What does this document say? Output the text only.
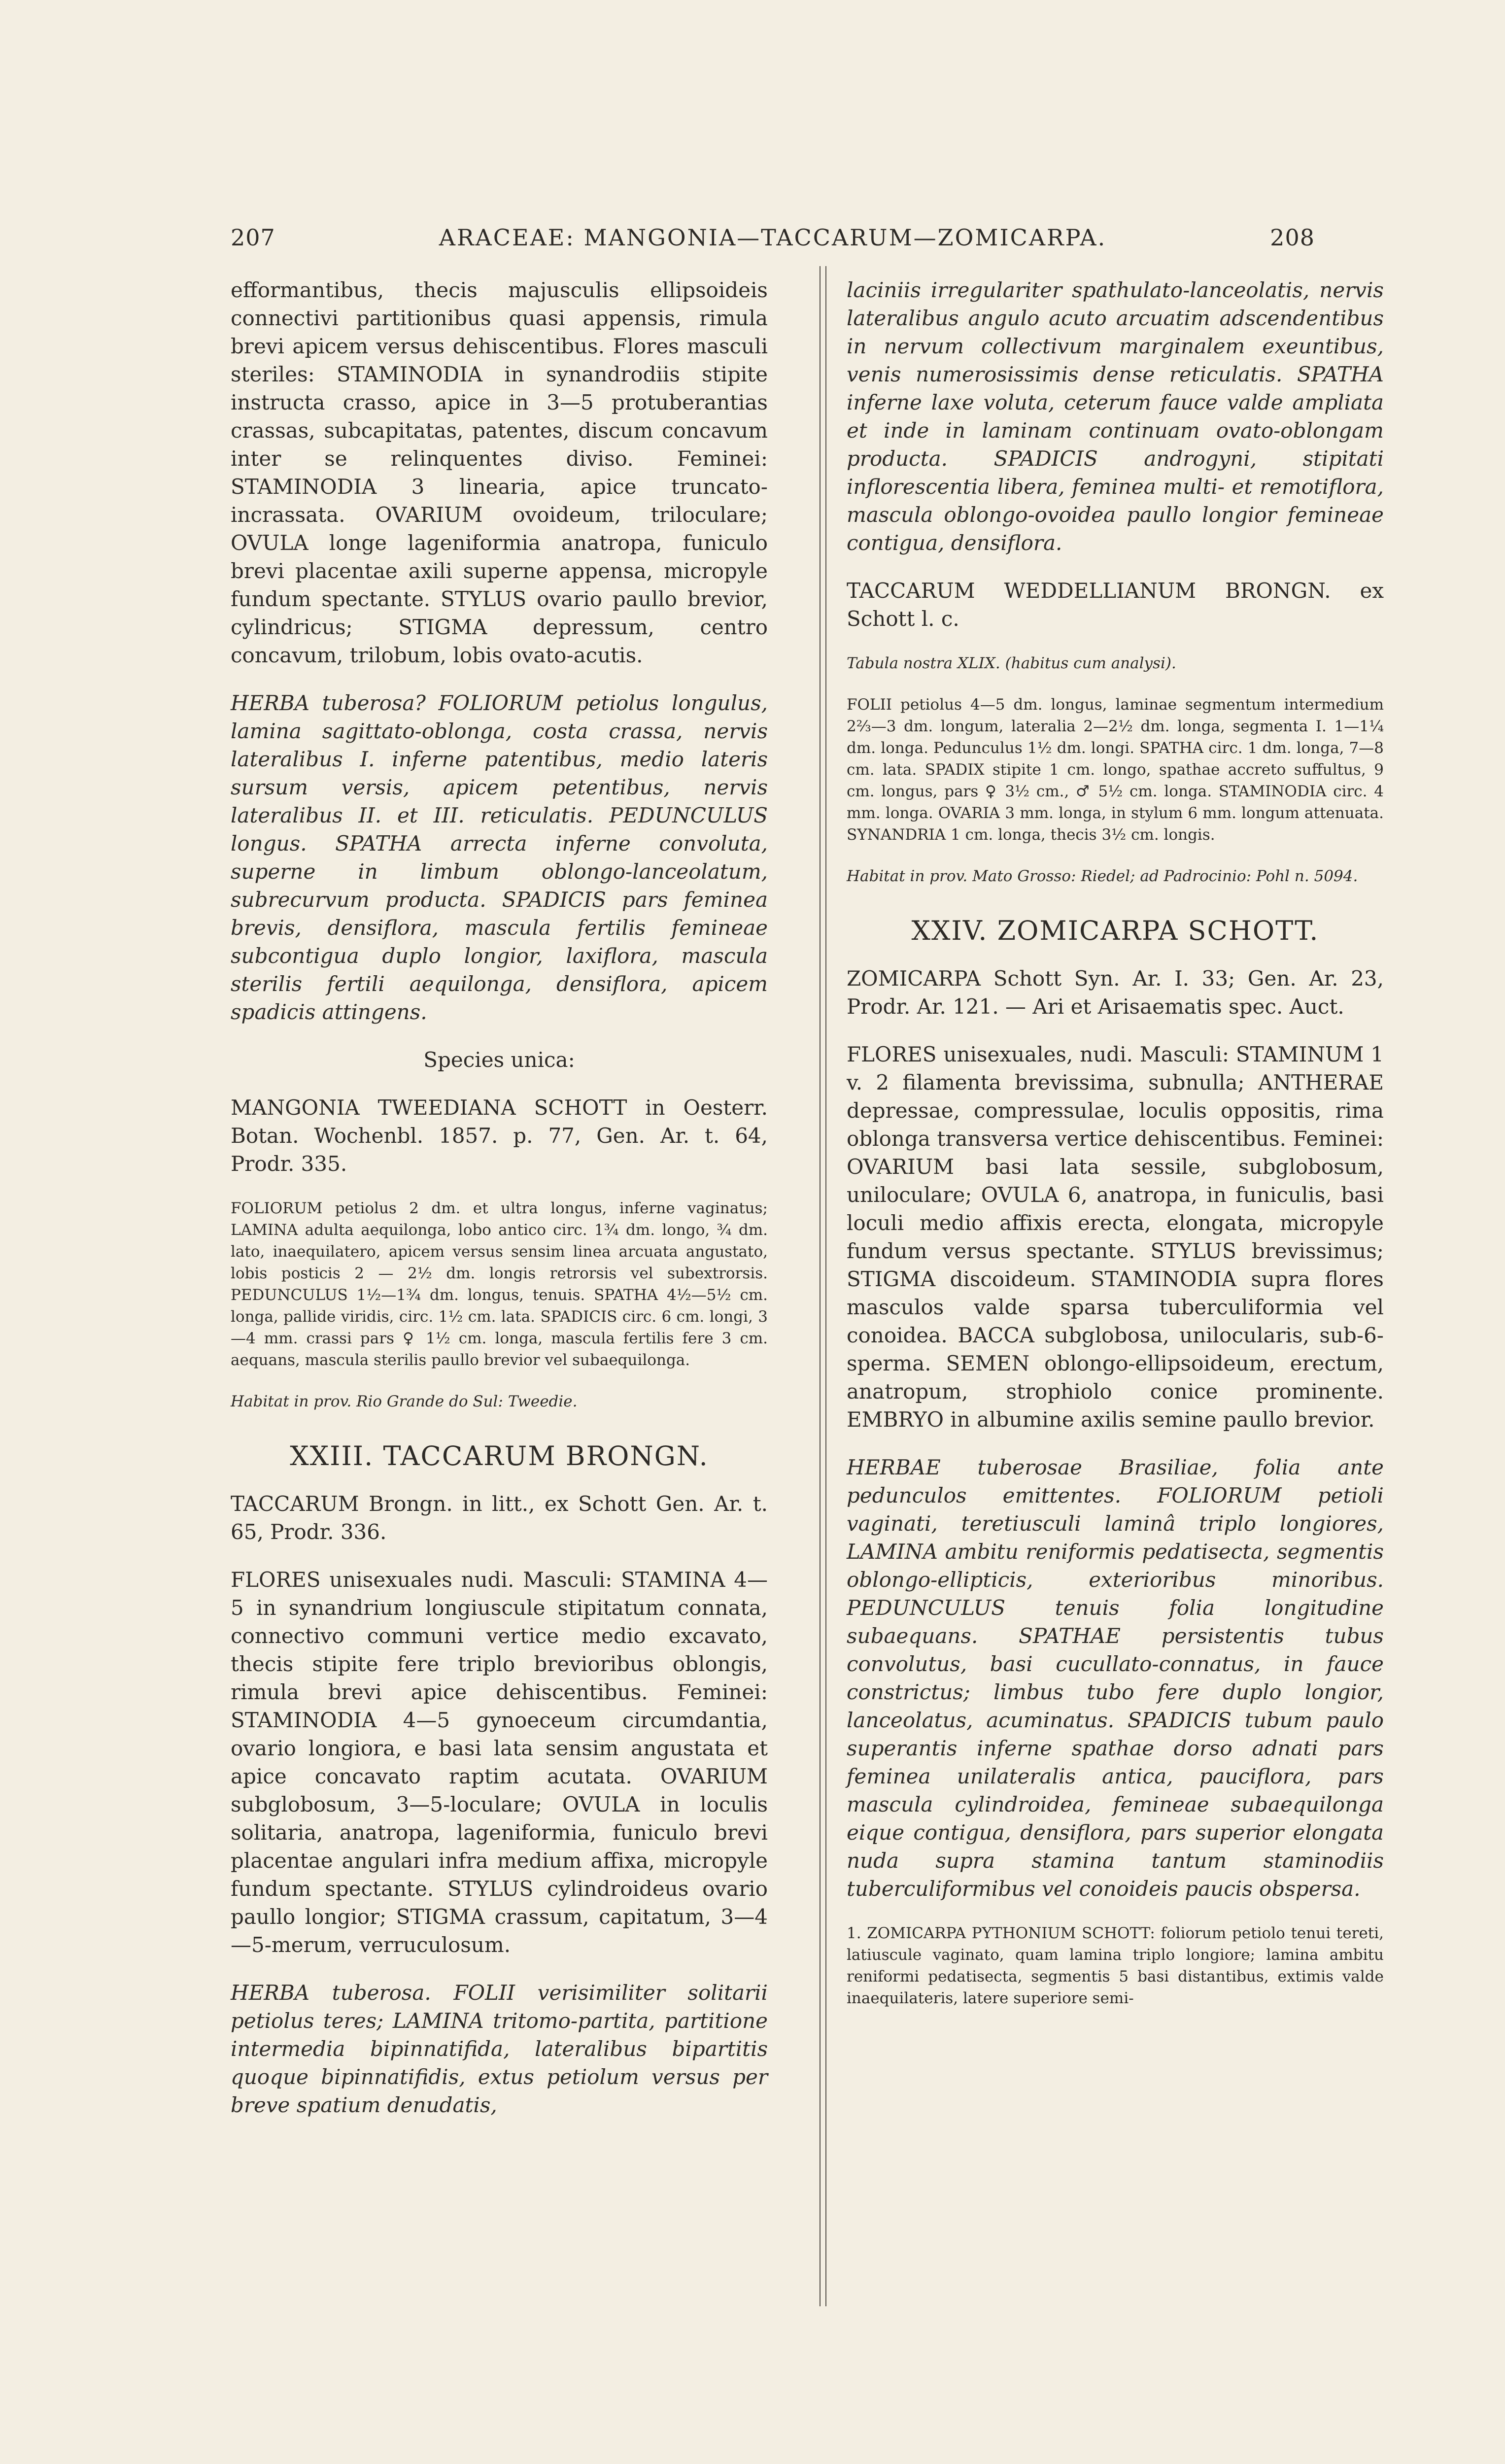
207	ARACEAE: MANGONIA—TACCARUM—ZOMICARPA.	208

efformantibus, thecis majusculis ellipsoideis connectivi partitionibus quasi appensis, rimula brevi apicem versus dehiscentibus. Flores masculi steriles: STAMINODIA in synandrodiis stipite instructa crasso, apice in 3—5 protuberantias crassas, subcapitatas, patentes, discum concavum inter se relinquentes diviso. Feminei: STAMINODIA 3 linearia, apice truncato-incrassata. OVARIUM ovoideum, triloculare; OVULA longe lageniformia anatropa, funiculo brevi placentae axili superne appensa, micropyle fundum spectante. STYLUS ovario paullo brevior, cylindricus; STIGMA depressum, centro concavum, trilobum, lobis ovato-acutis.

HERBA tuberosa? FOLIORUM petiolus longulus, lamina sagittato-oblonga, costa crassa, nervis lateralibus I. inferne patentibus, medio lateris sursum versis, apicem petentibus, nervis lateralibus II. et III. reticulatis. PEDUNCULUS longus. SPATHA arrecta inferne convoluta, superne in limbum oblongo-lanceolatum, subrecurvum producta. SPADICIS pars feminea brevis, densiflora, mascula fertilis femineae subcontigua duplo longior, laxiflora, mascula sterilis fertili aequilonga, densiflora, apicem spadicis attingens.

Species unica:

MANGONIA TWEEDIANA SCHOTT in Oesterr. Botan. Wochenbl. 1857. p. 77, Gen. Ar. t. 64, Prodr. 335.

FOLIORUM petiolus 2 dm. et ultra longus, inferne vaginatus; LAMINA adulta aequilonga, lobo antico circ. 1¾ dm. longo, ¾ dm. lato, inaequilatero, apicem versus sensim linea arcuata angustato, lobis posticis 2 — 2½ dm. longis retrorsis vel subextrorsis. PEDUNCULUS 1½—1¾ dm. longus, tenuis. SPATHA 4½—5½ cm. longa, pallide viridis, circ. 1½ cm. lata. SPADICIS circ. 6 cm. longi, 3—4 mm. crassi pars ♀ 1½ cm. longa, mascula fertilis fere 3 cm. aequans, mascula sterilis paullo brevior vel subaequilonga.

Habitat in prov. Rio Grande do Sul: Tweedie.

XXIII. TACCARUM BRONGN.

TACCARUM Brongn. in litt., ex Schott Gen. Ar. t. 65, Prodr. 336.

FLORES unisexuales nudi. Masculi: STAMINA 4—5 in synandrium longiuscule stipitatum connata, connectivo communi vertice medio excavato, thecis stipite fere triplo brevioribus oblongis, rimula brevi apice dehiscentibus. Feminei: STAMINODIA 4—5 gynoeceum circumdantia, ovario longiora, e basi lata sensim angustata et apice concavato raptim acutata. OVARIUM subglobosum, 3—5-loculare; OVULA in loculis solitaria, anatropa, lageniformia, funiculo brevi placentae angulari infra medium affixa, micropyle fundum spectante. STYLUS cylindroideus ovario paullo longior; STIGMA crassum, capitatum, 3—4—5-merum, verruculosum.

HERBA tuberosa. FOLII verisimiliter solitarii petiolus teres; LAMINA tritomo-partita, partitione intermedia bipinnatifida, lateralibus bipartitis quoque bipinnatifidis, extus petiolum versus per breve spatium denudatis,

laciniis irregulariter spathulato-lanceolatis, nervis lateralibus angulo acuto arcuatim adscendentibus in nervum collectivum marginalem exeuntibus, venis numerosissimis dense reticulatis. SPATHA inferne laxe voluta, ceterum fauce valde ampliata et inde in laminam continuam ovato-oblongam producta. SPADICIS androgyni, stipitati inflorescentia libera, feminea multi- et remotiflora, mascula oblongo-ovoidea paullo longior femineae contigua, densiflora.

TACCARUM WEDDELLIANUM BRONGN. ex Schott l. c.

Tabula nostra XLIX. (habitus cum analysi).

FOLII petiolus 4—5 dm. longus, laminae segmentum intermedium 2⅔—3 dm. longum, lateralia 2—2½ dm. longa, segmenta I. 1—1¼ dm. longa. Pedunculus 1½ dm. longi. SPATHA circ. 1 dm. longa, 7—8 cm. lata. SPADIX stipite 1 cm. longo, spathae accreto suffultus, 9 cm. longus, pars ♀ 3½ cm., ♂ 5½ cm. longa. STAMINODIA circ. 4 mm. longa. OVARIA 3 mm. longa, in stylum 6 mm. longum attenuata. SYNANDRIA 1 cm. longa, thecis 3½ cm. longis.

Habitat in prov. Mato Grosso: Riedel; ad Padrocinio: Pohl n. 5094.

XXIV. ZOMICARPA SCHOTT.

ZOMICARPA Schott Syn. Ar. I. 33; Gen. Ar. 23, Prodr. Ar. 121. — Ari et Arisaematis spec. Auct.

FLORES unisexuales, nudi. Masculi: STAMINUM 1 v. 2 filamenta brevissima, subnulla; ANTHERAE depressae, compressulae, loculis oppositis, rima oblonga transversa vertice dehiscentibus. Feminei: OVARIUM basi lata sessile, subglobosum, uniloculare; OVULA 6, anatropa, in funiculis, basi loculi medio affixis erecta, elongata, micropyle fundum versus spectante. STYLUS brevissimus; STIGMA discoideum. STAMINODIA supra flores masculos valde sparsa tuberculiformia vel conoidea. BACCA subglobosa, unilocularis, sub-6-sperma. SEMEN oblongo-ellipsoideum, erectum, anatropum, strophiolo conice prominente. EMBRYO in albumine axilis semine paullo brevior.

HERBAE tuberosae Brasiliae, folia ante pedunculos emittentes. FOLIORUM petioli vaginati, teretiusculi laminâ triplo longiores, LAMINA ambitu reniformis pedatisecta, segmentis oblongo-ellipticis, exterioribus minoribus. PEDUNCULUS tenuis folia longitudine subaequans. SPATHAE persistentis tubus convolutus, basi cucullato-connatus, in fauce constrictus; limbus tubo fere duplo longior, lanceolatus, acuminatus. SPADICIS tubum paulo superantis inferne spathae dorso adnati pars feminea unilateralis antica, pauciflora, pars mascula cylindroidea, femineae subaequilonga eique contigua, densiflora, pars superior elongata nuda supra stamina tantum staminodiis tuberculiformibus vel conoideis paucis obspersa.

1. ZOMICARPA PYTHONIUM SCHOTT: foliorum petiolo tenui tereti, latiuscule vaginato, quam lamina triplo longiore; lamina ambitu reniformi pedatisecta, segmentis 5 basi distantibus, extimis valde inaequilateris, latere superiore semi-
